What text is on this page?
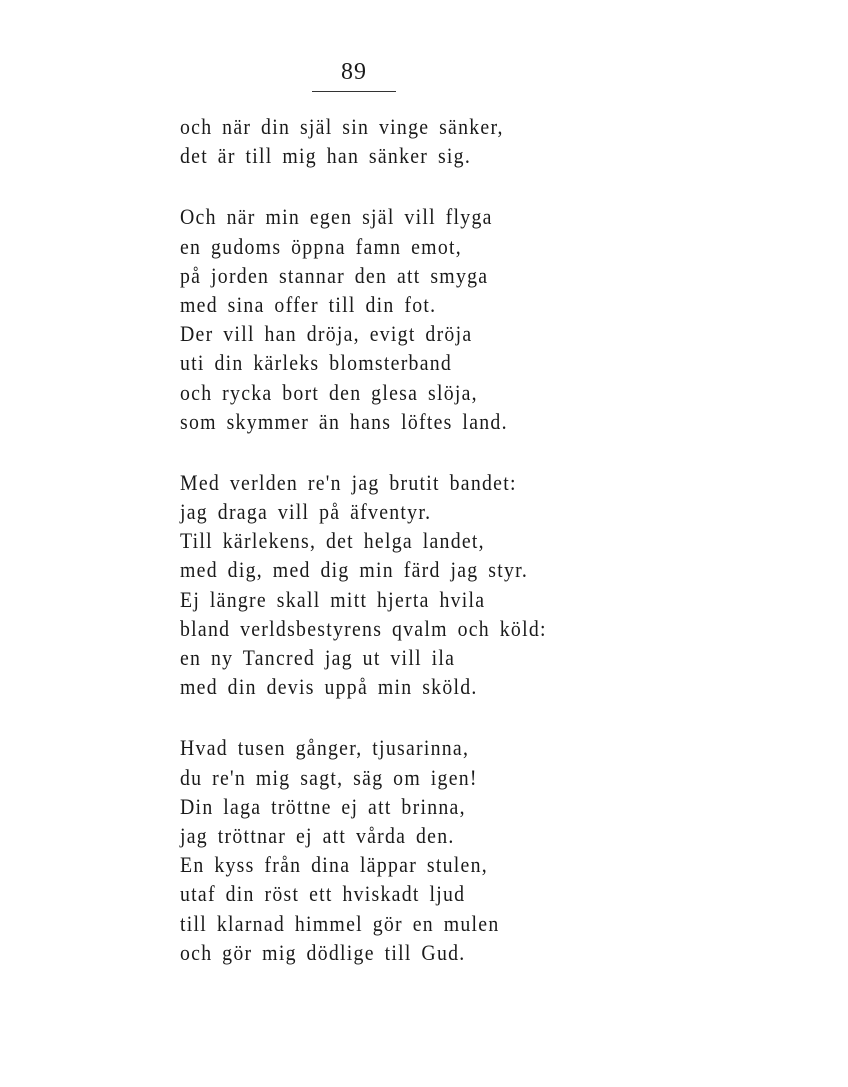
89
och när din själ sin vinge sänker,
det är till mig han sänker sig.
Och när min egen själ vill flyga
en gudoms öppna famn emot,
på jorden stannar den att smyga
med sina offer till din fot.
Der vill han dröja, evigt dröja
uti din kärleks blomsterband
och rycka bort den glesa slöja,
som skymmer än hans löftes land.
Med verlden re'n jag brutit bandet:
jag draga vill på äfventyr.
Till kärlekens, det helga landet,
med dig, med dig min färd jag styr.
Ej längre skall mitt hjerta hvila
bland verldsbestyrens qvalm och köld:
en ny Tancred jag ut vill ila
med din devis uppå min sköld.
Hvad tusen gånger, tjusarinna,
du re'n mig sagt, säg om igen!
Din laga tröttne ej att brinna,
jag tröttnar ej att vårda den.
En kyss från dina läppar stulen,
utaf din röst ett hviskadt ljud
till klarnad himmel gör en mulen
och gör mig dödlige till Gud.
